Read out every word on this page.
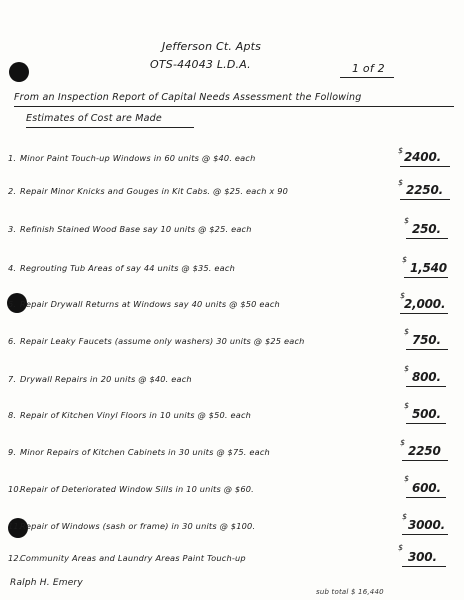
Jefferson Ct. Apts
OTS-44043 L.D.A.	1 of 2
From an Inspection Report of Capital Needs Assessment the Following
Estimates of Cost are Made
1. Minor Paint Touch-up Windows in 60 units @ $40. each
$ 2400.
2. Repair Minor Knicks and Gouges in Kit Cabs. @ $25. each x 90
$
2250.
3. Refinish Stained Wood Base say 10 units @ $25. each
$
250.
4. Regrouting Tub Areas of say 44 units @ $35. each
$
1,540
5. Repair Drywall Returns at Windows say 40 units @ $50 each
$
2,000.
6. Repair Leaky Faucets (assume only washers) 30 units @ $25 each
$
750.
7. Drywall Repairs in 20 units @ $40. each
$
800.
8. Repair of Kitchen Vinyl Floors in 10 units @ $50. each
$
500.
9. Minor Repairs of Kitchen Cabinets in 30 units @ $75. each
$
2250
10.
Repair of Deteriorated Window Sills in 10 units @ $60.
$
600.
11.
Repair of Windows (sash or frame) in 30 units @ $100.
$
3000.
12.
Community Areas and Laundry Areas Paint Touch-up
$
300.
Ralph H. Emery
sub total $ 16,440
